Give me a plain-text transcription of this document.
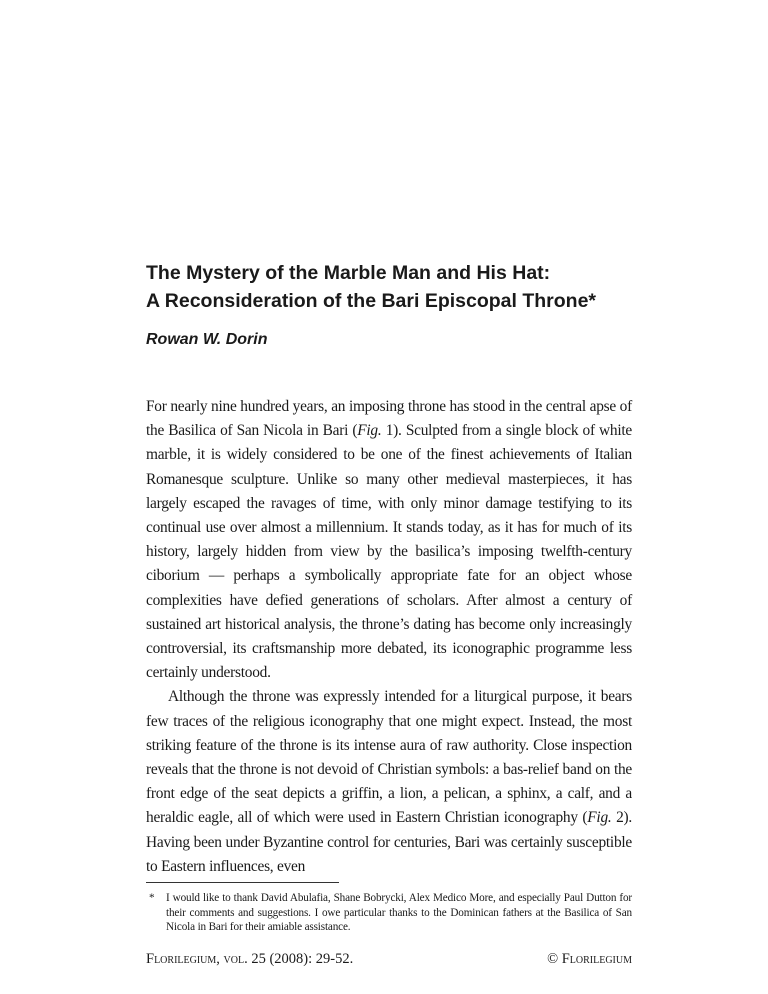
The Mystery of the Marble Man and His Hat:
A Reconsideration of the Bari Episcopal Throne*

Rowan W. Dorin

For nearly nine hundred years, an imposing throne has stood in the central apse of the Basilica of San Nicola in Bari (Fig. 1). Sculpted from a single block of white marble, it is widely considered to be one of the finest achievements of Italian Romanesque sculpture. Unlike so many other medieval masterpieces, it has largely escaped the ravages of time, with only minor damage testifying to its continual use over almost a millennium. It stands today, as it has for much of its history, largely hidden from view by the basilica’s imposing twelfth-century ciborium — perhaps a symbolically appropriate fate for an object whose complexities have defied generations of scholars. After almost a century of sustained art historical analysis, the throne’s dating has become only increasingly controversial, its craftsmanship more debated, its iconographic programme less certainly understood.

Although the throne was expressly intended for a liturgical purpose, it bears few traces of the religious iconography that one might expect. Instead, the most striking feature of the throne is its intense aura of raw authority. Close inspection reveals that the throne is not devoid of Christian symbols: a bas-relief band on the front edge of the seat depicts a griffin, a lion, a pelican, a sphinx, a calf, and a heraldic eagle, all of which were used in Eastern Christian iconography (Fig. 2). Having been under Byzantine control for centuries, Bari was certainly susceptible to Eastern influences, even

* I would like to thank David Abulafia, Shane Bobrycki, Alex Medico More, and especially Paul Dutton for their comments and suggestions. I owe particular thanks to the Dominican fathers at the Basilica of San Nicola in Bari for their amiable assistance.
Florilegium, vol. 25 (2008): 29-52.	© Florilegium
